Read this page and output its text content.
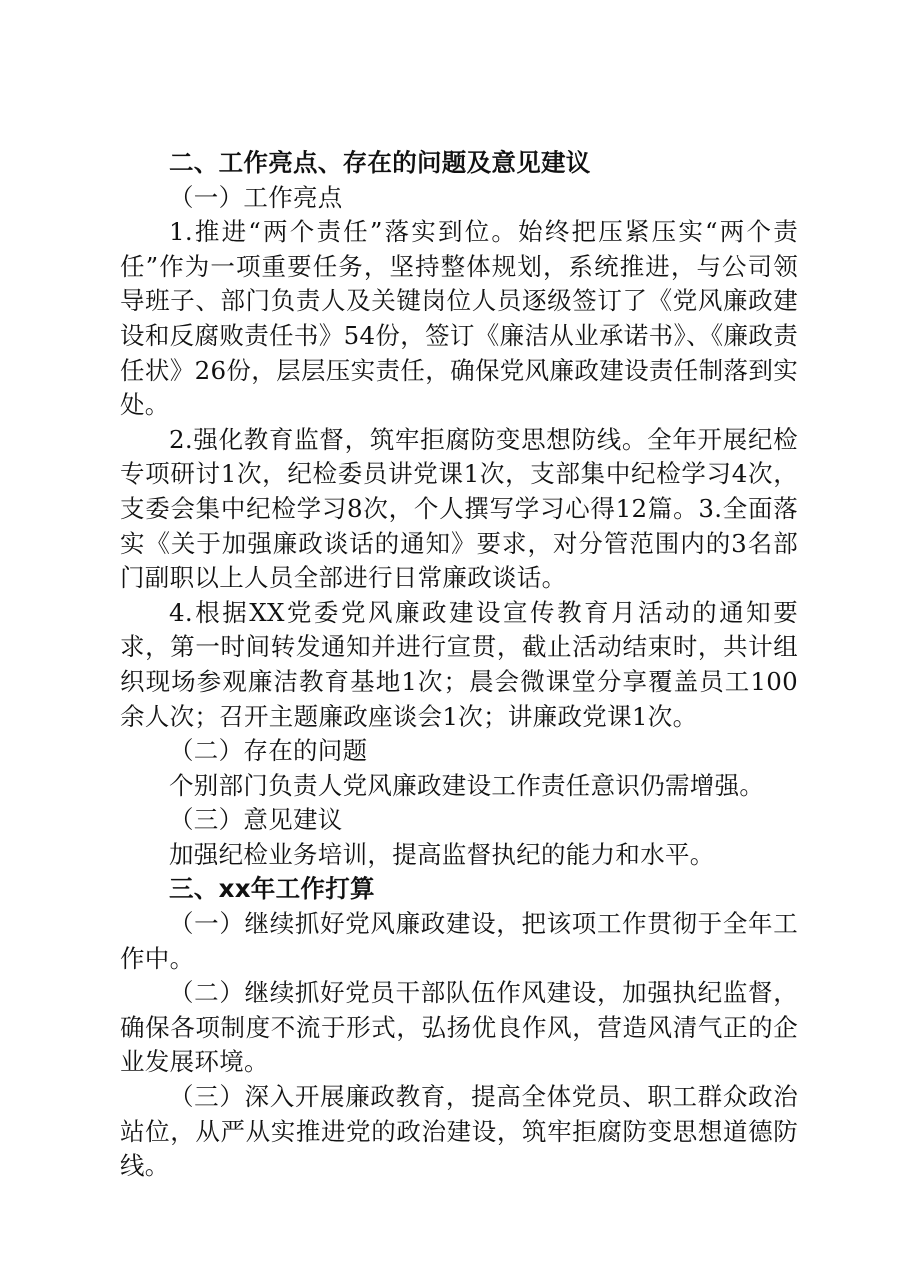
二、工作亮点、存在的问题及意见建议

（一）工作亮点

1.推进“两个责任”落实到位。始终把压紧压实“两个责任”作为一项重要任务，坚持整体规划，系统推进，与公司领导班子、部门负责人及关键岗位人员逐级签订了《党风廉政建设和反腐败责任书》54份，签订《廉洁从业承诺书》、《廉政责任状》26份，层层压实责任，确保党风廉政建设责任制落到实处。

2.强化教育监督，筑牢拒腐防变思想防线。全年开展纪检专项研讨1次，纪检委员讲党课1次，支部集中纪检学习4次，支委会集中纪检学习8次，个人撰写学习心得12篇。3.全面落实《关于加强廉政谈话的通知》要求，对分管范围内的3名部门副职以上人员全部进行日常廉政谈话。

4.根据XX党委党风廉政建设宣传教育月活动的通知要求，第一时间转发通知并进行宣贯，截止活动结束时，共计组织现场参观廉洁教育基地1次；晨会微课堂分享覆盖员工100余人次；召开主题廉政座谈会1次；讲廉政党课1次。

（二）存在的问题

个别部门负责人党风廉政建设工作责任意识仍需增强。

（三）意见建议

加强纪检业务培训，提高监督执纪的能力和水平。

三、xx年工作打算

（一）继续抓好党风廉政建设，把该项工作贯彻于全年工作中。

（二）继续抓好党员干部队伍作风建设，加强执纪监督，确保各项制度不流于形式，弘扬优良作风，营造风清气正的企业发展环境。

（三）深入开展廉政教育，提高全体党员、职工群众政治站位，从严从实推进党的政治建设，筑牢拒腐防变思想道德防线。
